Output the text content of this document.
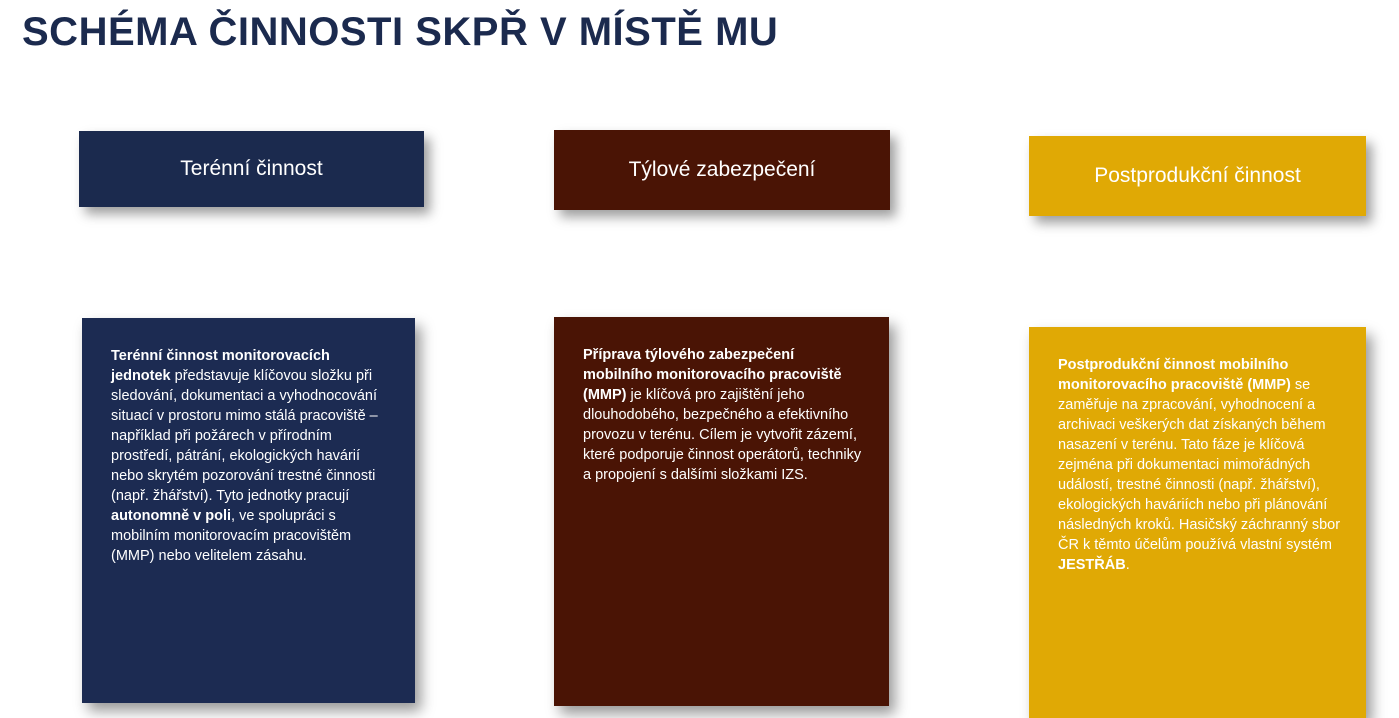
SCHÉMA ČINNOSTI SKPŘ V MÍSTĚ MU
Terénní činnost
Terénní činnost monitorovacích jednotek představuje klíčovou složku při sledování, dokumentaci a vyhodnocování situací v prostoru mimo stálá pracoviště – například při požárech v přírodním prostředí, pátrání, ekologických havárií nebo skrytém pozorování trestné činnosti (např. žhářství). Tyto jednotky pracují autonomně v poli, ve spolupráci s mobilním monitorovacím pracovištěm (MMP) nebo velitelem zásahu.
Týlové zabezpečení
Příprava týlového zabezpečení mobilního monitorovacího pracoviště (MMP) je klíčová pro zajištění jeho dlouhodobého, bezpečného a efektivního provozu v terénu. Cílem je vytvořit zázemí, které podporuje činnost operátorů, techniky a propojení s dalšími složkami IZS.
Postprodukční činnost
Postprodukční činnost mobilního monitorovacího pracoviště (MMP) se zaměřuje na zpracování, vyhodnocení a archivaci veškerých dat získaných během nasazení v terénu. Tato fáze je klíčová zejména při dokumentaci mimořádných událostí, trestné činnosti (např. žhářství), ekologických haváriích nebo při plánování následných kroků. Hasičský záchranný sbor ČR k těmto účelům používá vlastní systém JESTŘÁB.
